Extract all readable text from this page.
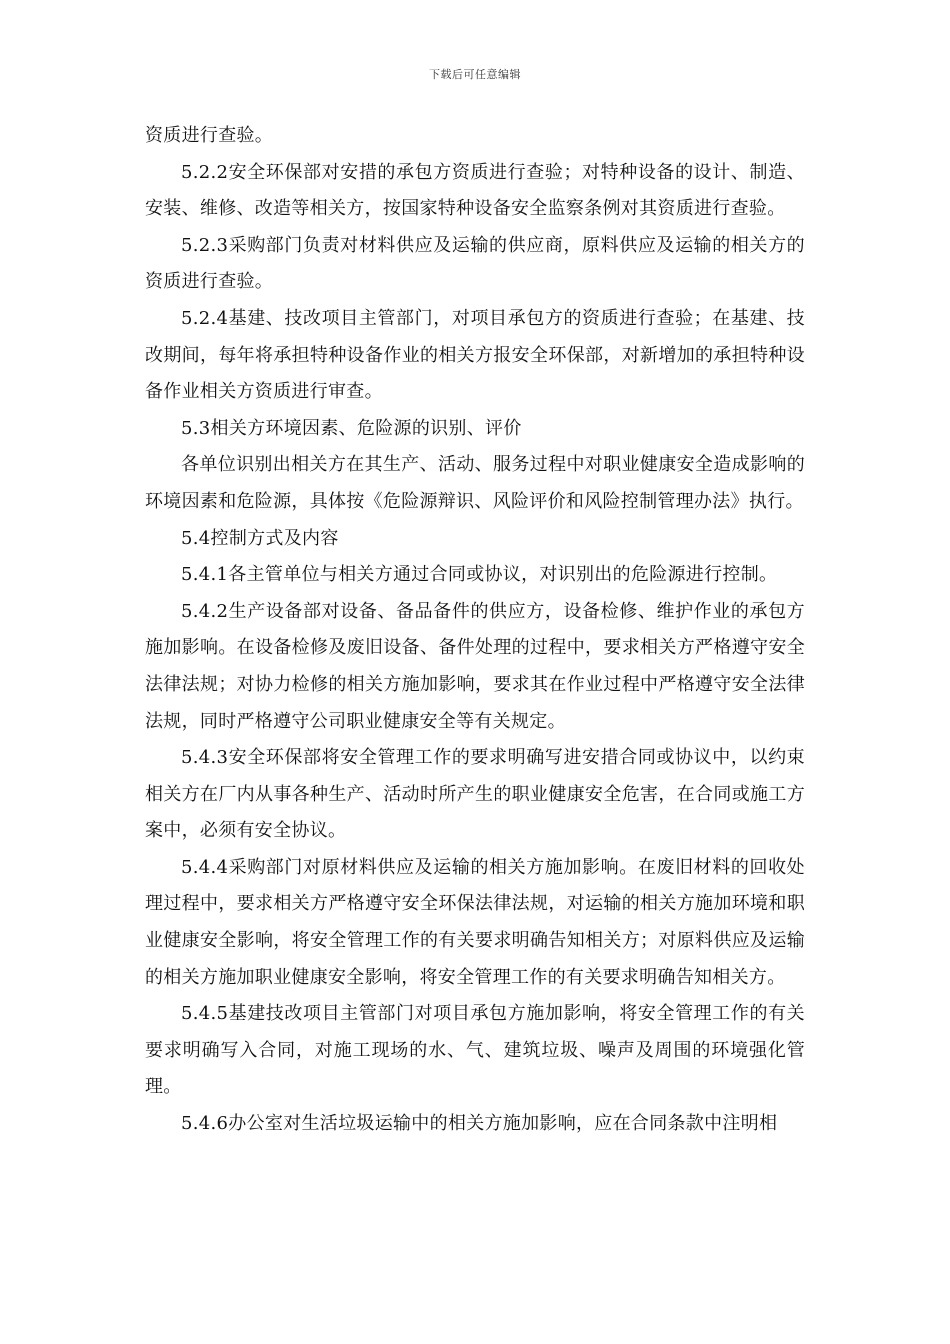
下载后可任意编辑

资质进行查验。

5.2.2安全环保部对安措的承包方资质进行查验；对特种设备的设计、制造、安装、维修、改造等相关方，按国家特种设备安全监察条例对其资质进行查验。

5.2.3采购部门负责对材料供应及运输的供应商，原料供应及运输的相关方的资质进行查验。

5.2.4基建、技改项目主管部门，对项目承包方的资质进行查验；在基建、技改期间，每年将承担特种设备作业的相关方报安全环保部，对新增加的承担特种设备作业相关方资质进行审查。

5.3相关方环境因素、危险源的识别、评价

各单位识别出相关方在其生产、活动、服务过程中对职业健康安全造成影响的环境因素和危险源，具体按《危险源辩识、风险评价和风险控制管理办法》执行。

5.4控制方式及内容

5.4.1各主管单位与相关方通过合同或协议，对识别出的危险源进行控制。

5.4.2生产设备部对设备、备品备件的供应方，设备检修、维护作业的承包方施加影响。在设备检修及废旧设备、备件处理的过程中，要求相关方严格遵守安全法律法规；对协力检修的相关方施加影响，要求其在作业过程中严格遵守安全法律法规，同时严格遵守公司职业健康安全等有关规定。

5.4.3安全环保部将安全管理工作的要求明确写进安措合同或协议中，以约束相关方在厂内从事各种生产、活动时所产生的职业健康安全危害，在合同或施工方案中，必须有安全协议。

5.4.4采购部门对原材料供应及运输的相关方施加影响。在废旧材料的回收处理过程中，要求相关方严格遵守安全环保法律法规，对运输的相关方施加环境和职业健康安全影响，将安全管理工作的有关要求明确告知相关方；对原料供应及运输的相关方施加职业健康安全影响，将安全管理工作的有关要求明确告知相关方。

5.4.5基建技改项目主管部门对项目承包方施加影响，将安全管理工作的有关要求明确写入合同，对施工现场的水、气、建筑垃圾、噪声及周围的环境强化管理。

5.4.6办公室对生活垃圾运输中的相关方施加影响，应在合同条款中注明相
